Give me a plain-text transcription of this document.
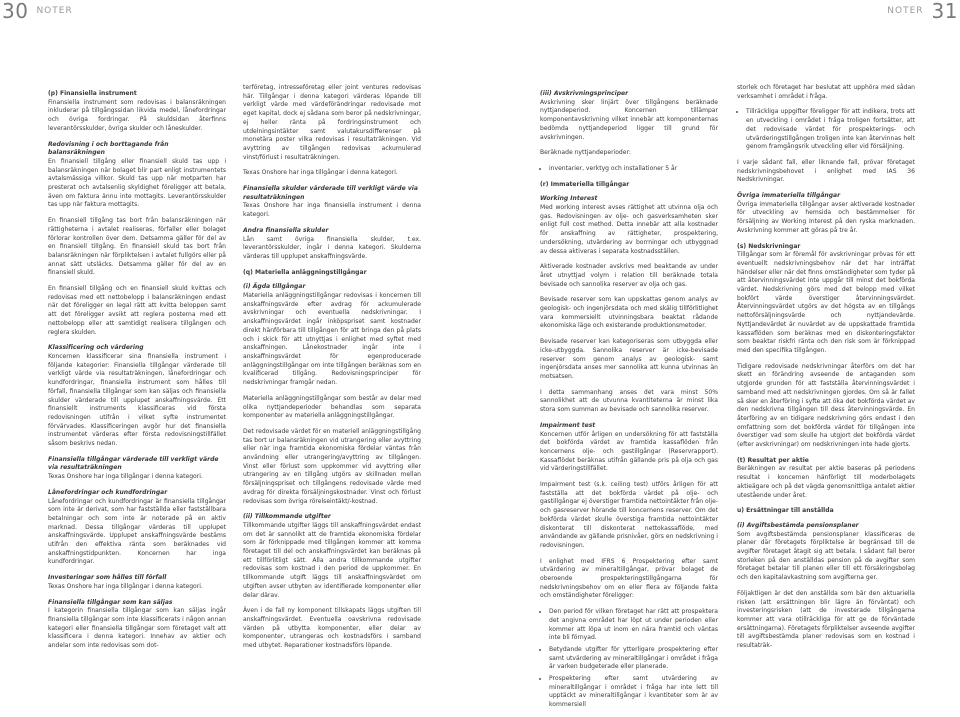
30 NOTER	NOTER 31
(p) Finansiella instrument

Finansiella instrument som redovisas i balansräkningen inkluderar på tillgångssidan likvida medel, lånefordringar och övriga fordringar. På skuldsidan återfinns leverantörsskulder, övriga skulder och låneskulder.

Redovisning i och borttagande från balansräkningen

En finansiell tillgång eller finansiell skuld tas upp i balansräkningen när bolaget blir part enligt instrumentets avtalsmässiga villkor. Skuld tas upp när motparten har presterat och avtalsenlig skyldighet föreligger att betala, även om faktura ännu inte mottagits. Leverantörsskulder tas upp när faktura mottagits.

En finansiell tillgång tas bort från balansräkningen när rättigheterna i avtalet realiseras, förfaller eller bolaget förlorar kontrollen över dem. Detsamma gäller för del av en finansiell tillgång. En finansiell skuld tas bort från balansräkningen när förpliktelsen i avtalet fullgörs eller på annat sätt utsläcks. Detsamma gäller för del av en finansiell skuld.

En finansiell tillgång och en finansiell skuld kvittas och redovisas med ett nettobelopp i balansräkningen endast när det föreligger en legal rätt att kvitta beloppen samt att det föreligger avsikt att reglera posterna med ett nettobelopp eller att samtidigt realisera tillgången och reglera skulden.

Klassificering och värdering

Koncernen klassificerar sina finansiella instrument i följande kategorier: Finansiella tillgångar värderade till verkligt värde via resultaträkningen, lånefordringar och kundfordringar, finansiella instrument som hålles till förfall, finansiella tillgångar som kan säljas och finansiella skulder värderade till upplupet anskaffningsvärde. Ett finansiellt instruments klassificeras vid första redovisningen utifrån i vilket syfte instrumentet förvärvades. Klassificeringen avgör hur det finansiella instrumentet värderas efter första redovisningstillfället såsom beskrivs nedan.

Finansiella tillgångar värderade till verkligt värde via resultaträkningen

Texas Onshore har inga tillgångar i denna kategori.

Lånefordringar och kundfordringar

Lånefordringar och kundfordringar är finansiella tillgångar som inte är derivat, som har fastställda eller fastställbara betalningar och som inte är noterade på en aktiv marknad. Dessa tillgångar värderas till upplupet anskaffningsvärde. Upplupet anskaffningsvärde bestäms utifrån den effektiva ränta som beräknades vid anskaffningstidpunkten. Koncernen har inga kundfordringar.

Investeringar som hålles till förfall

Texas Onshore har inga tillgångar i denna kategori.

Finansiella tillgångar som kan säljas

I kategorin finansiella tillgångar som kan säljas ingår finansiella tillgångar som inte klassificerats i någon annan kategori eller finansiella tillgångar som företaget valt att klassificera i denna kategori. Innehav av aktier och andelar som inte redovisas som dot-

terföretag, intresseföretag eller joint ventures redovisas här. Tillgångar i denna kategori värderas löpande till verkligt värde med värdeförändringar redovisade mot eget kapital, dock ej sådana som beror på nedskrivningar, ej heller ränta på fordringsinstrument och utdelningsintäkter samt valutakursdifferenser på monetära poster vilka redovisas i resultaträkningen. Vid avyttring av tillgången redovisas ackumulerad vinst/förlust i resultaträkningen.

Texas Onshore har inga tillgångar i denna kategori.

Finansiella skulder värderade till verkligt värde via resultaträkningen

Texas Onshore har inga finansiella instrument i denna kategori.

Andra finansiella skulder

Lån samt övriga finansiella skulder, t.ex. leverantörsskulder, ingår i denna kategori. Skulderna värderas till upplupet anskaffningsvärde.

(q) Materiella anläggningstillgångar
(i) Ägda tillgångar

Materiella anläggningstillgångar redovisas i koncernen till anskaffningsvärde efter avdrag för ackumulerade avskrivningar och eventuella nedskrivningar. I anskaffningsvärdet ingår inköpspriset samt kostnader direkt hänförbara till tillgången för att bringa den på plats och i skick för att utnyttjas i enlighet med syftet med anskaffningen. Lånekostnader ingår inte i anskaffningsvärdet för egenproducerade anläggningstillgångar om inte tillgången beräknas som en kvalificerad tillgång. Redovisningsprinciper för nedskrivningar framgår nedan.

Materiella anläggningstillgångar som består av delar med olika nyttjandeperioder behandlas som separata komponenter av materiella anläggningstillgångar.

Det redovisade värdet för en materiell anläggningstillgång tas bort ur balansräkningen vid utrangering eller avyttring eller när inga framtida ekonomiska fördelar väntas från användning eller utrangering/avyttring av tillgången. Vinst eller förlust som uppkommer vid avyttring eller utrangering av en tillgång utgörs av skillnaden mellan försäljningspriset och tillgångens redovisade värde med avdrag för direkta försäljningskostnader. Vinst och förlust redovisas som övriga rörelseintäkt/-kostnad.

(ii) Tillkommande utgifter

Tillkommande utgifter läggs till anskaffningsvärdet endast om det är sannolikt att de framtida ekonomiska fördelar som är förknippade med tillgången kommer att komma företaget till del och anskaffningsvärdet kan beräknas på ett tillförlitligt sätt. Alla andra tillkommande utgifter redovisas som kostnad i den period de uppkommer. En tillkommande utgift läggs till anskaffningsvärdet om utgiften avser utbyten av identifierade komponenter eller delar därav.

Även i de fall ny komponent tillskapats läggs utgiften till anskaffningsvärdet. Eventuella oavskrivna redovisade värden på utbytta komponenter, eller delar av komponenter, utrangeras och kostnadsförs i samband med utbytet. Reparationer kostnadsförs löpande.

(iii) Avskrivningsprinciper

Avskrivning sker linjärt över tillgångens beräknade nyttjandeperiod. Koncernen tillämpar komponentavskrivning vilket innebär att komponenternas bedömda nyttjandeperiod ligger till grund för avskrivningen.

Beräknade nyttjandeperioder:

• inventarier, verktyg och installationer 5 år
(r) Immateriella tillgångar
Working Interest

Med working interest avses rättighet att utvinna olja och gas. Redovisningen av olje- och gasverksamheten sker enligt full cost method. Detta innebär att alla kostnader för anskaffning av rättigheter, prospektering, undersökning, utvärdering av borrningar och utbyggnad av dessa aktiveras i separata kostnadsställen.

Aktiverade kostnader avskrivs med beaktande av under året utnyttjad volym i relation till beräknade totala bevisade och sannolika reserver av olja och gas.

Bevisade reserver som kan uppskattas genom analys av geologisk- och ingenjörsdata och med skälig tillförlitlighet vara kommersiellt utvinningsbara beaktat rådande ekonomiska läge och existerande produktionsmetoder.

Bevisade reserver kan kategoriseras som utbyggda eller icke-utbyggda. Sannolika reserver är icke-bevisade reserver som genom analys av geologisk- samt ingenjörsdata anses mer sannolika att kunna utvinnas än motsatsen.

I detta sammanhang anses det vara minst 50% sannolikhet att de utvunna kvantiteterna är minst lika stora som summan av bevisade och sannolika reserver.

Impairment test

Koncernen utför årligen en undersökning för att fastställa det bokförda värdet av framtida kassaflöden från koncernens olje- och gastillgångar (Reservrapport). Kassaflödet beräknas utifrån gällande pris på olja och gas vid värderingstillfället.

Impairment test (s.k. ceiling test) utförs årligen för att fastställa att det bokförda värdet på olje- och gastillgångar ej överstiger framtida nettointäkter från olje- och gasreserver hörande till koncernens reserver. Om det bokförda värdet skulle överstiga framtida nettointäkter diskonterat till diskonterat nettokassaflöde, med användande av gällande prisnivåer, görs en nedskrivning i redovisningen.

I enlighet med IFRS 6 Prospektering efter samt utvärdering av mineraltillgångar, prövar bolaget de oberoende prospekteringstillgångarna för nedskrivningsbehov om en eller flera av följande fakta och omständigheter föreligger:

• Den period för vilken företaget har rätt att prospektera det angivna området har löpt ut under perioden eller kommer att löpa ut inom en nära framtid och väntas inte bli förnyad.
• Betydande utgifter för ytterligare prospektering efter samt utvärdering av mineraltillgångar i området i fråga är varken budgeterade eller planerade.
• Prospektering efter samt utvärdering av mineraltillgångar i området i fråga har inte lett till upptäckt av mineraltillgångar i kvantiteter som är av kommersiell

storlek och företaget har beslutat att upphöra med sådan verksamhet i området i fråga.

• Tillräckliga uppgifter föreligger för att indikera, trots att en utveckling i området i fråga troligen fortsätter, att det redovisade värdet för prospekterings- och utvärderingstillgången troligen inte kan återvinnas helt genom framgångsrik utveckling eller vid försäljning.

I varje sådant fall, eller liknande fall, prövar företaget nedskrivningsbehovet i enlighet med IAS 36 Nedskrivningar.

Övriga immateriella tillgångar

Övriga immateriella tillgångar avser aktiverade kostnader för utveckling av hemsida och bestämmelser för försäljning av Working Interest på den ryska marknaden. Avskrivning kommer att göras på tre år.

(s) Nedskrivningar

Tillgångar som är föremål för avskrivningar prövas för ett eventuellt nedskrivningsbehov när det har inträffat händelser eller när det finns omständigheter som tyder på att återvinningsvärdet inte uppgår till minst det bokförda värdet. Nedskrivning görs med det belopp med vilket bokfört värde överstiger återvinningsvärdet. Återvinningsvärdet utgörs av det högsta av en tillgångs nettoförsäljningsvärde och nyttjandevärde. Nyttjandevärdet är nuvärdet av de uppskattade framtida kassaflöden som beräknas med en diskonteringsfaktor som beaktar riskfri ränta och den risk som är förknippad med den specifika tillgången.

Tidigare redovisade nedskrivningar återförs om det har skett en förändring avseende de antaganden som utgjorde grunden för att fastställa återvinningsvärdet i samband med att nedskrivningen gjordes. Om så är fallet så sker en återföring i syfte att öka det bokförda värdet av den nedskrivna tillgången till dess återvinningsvärde. En återföring av en tidigare nedskrivning görs endast i den omfattning som det bokförda värdet för tillgången inte överstiger vad som skulle ha utgjort det bokförda värdet (efter avskrivningar) om nedskrivningen inte hade gjorts.

(t) Resultat per aktie

Beräkningen av resultat per aktie baseras på periodens resultat i koncernen hänförligt till moderbolagets aktieägare och på det vägda genomsnittliga antalet aktier utestående under året.

u) Ersättningar till anställda
(i) Avgiftsbestämda pensionsplaner

Som avgiftsbestämda pensionsplaner klassificeras de planer där företagets förpliktelse är begränsad till de avgifter företaget åtagit sig att betala. I sådant fall beror storleken på den anställdas pension på de avgifter som företaget betalar till planen eller till ett försäkringsbolag och den kapitalavkastning som avgifterna ger.

Följaktligen är det den anställda som bär den aktuariella risken (att ersättningen blir lägre än förväntat) och investeringsrisken (att de investerade tillgångarna kommer att vara otillräckliga för att ge de förväntade ersättningarna). Företagets förpliktelser avseende avgifter till avgiftsbestämda planer redovisas som en kostnad i resultaträk-
